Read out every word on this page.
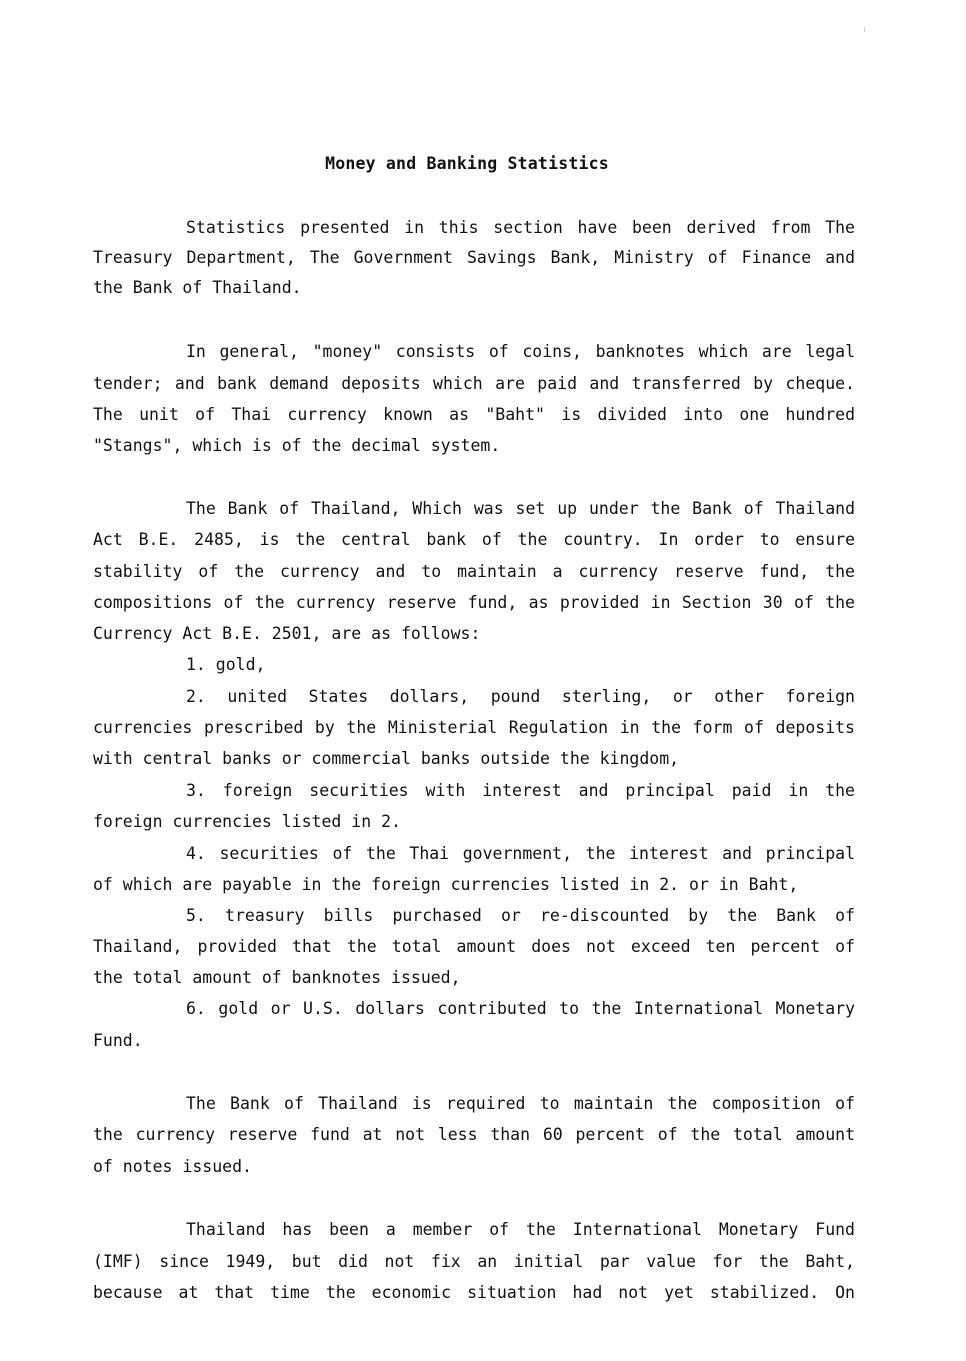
Money and Banking Statistics
Statistics presented in this section have been derived from The
Treasury Department, The Government Savings Bank, Ministry of Finance and
the Bank of Thailand.
In general, "money" consists of coins, banknotes which are legal
tender; and bank demand deposits which are paid and transferred by cheque.
The unit of Thai currency known as "Baht" is divided into one hundred
"Stangs", which is of the decimal system.
The Bank of Thailand, Which was set up under the Bank of Thailand
Act B.E. 2485, is the central bank of the country. In order to ensure
stability of the currency and to maintain a currency reserve fund, the
compositions of the currency reserve fund, as provided in Section 30 of the
Currency Act B.E. 2501, are as follows:
1. gold,
2. united States dollars, pound sterling, or other foreign
currencies prescribed by the Ministerial Regulation in the form of deposits
with central banks or commercial banks outside the kingdom,
3. foreign securities with interest and principal paid in the
foreign currencies listed in 2.
4. securities of the Thai government, the interest and principal
of which are payable in the foreign currencies listed in 2. or in Baht,
5. treasury bills purchased or re-discounted by the Bank of
Thailand, provided that the total amount does not exceed ten percent of
the total amount of banknotes issued,
6. gold or U.S. dollars contributed to the International Monetary
Fund.
The Bank of Thailand is required to maintain the composition of
the currency reserve fund at not less than 60 percent of the total amount
of notes issued.
Thailand has been a member of the International Monetary Fund
(IMF) since 1949, but did not fix an initial par value for the Baht,
because at that time the economic situation had not yet stabilized. On
